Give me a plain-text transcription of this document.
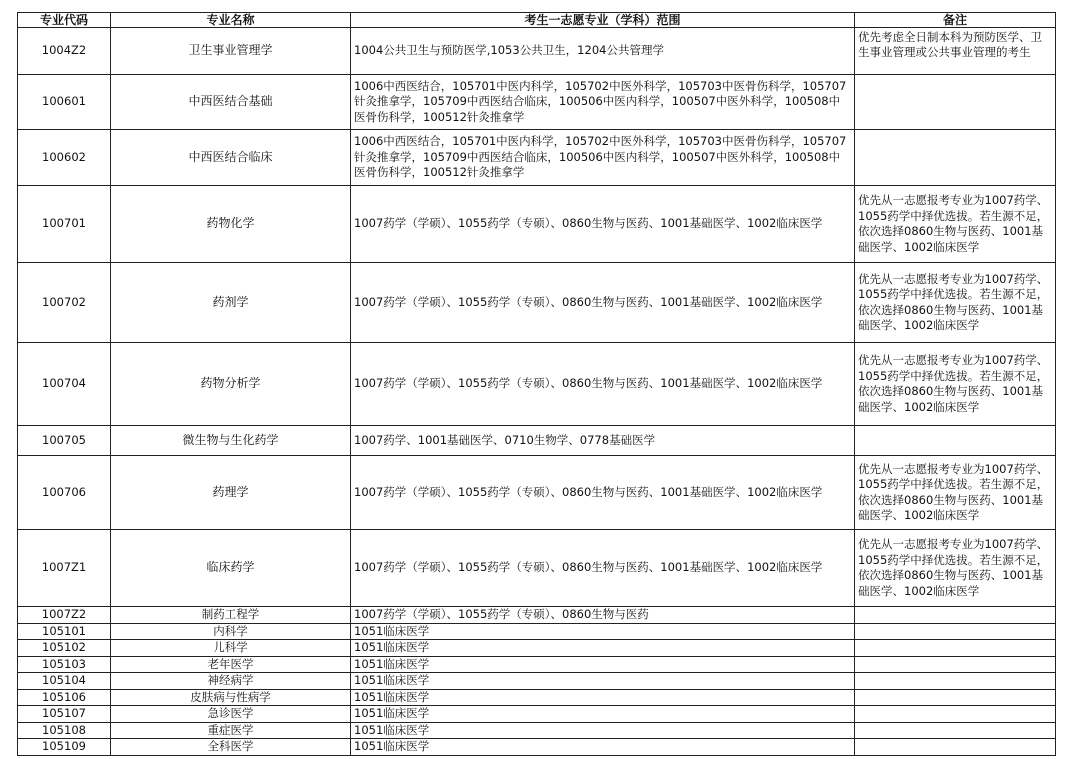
专业代码	专业名称	考生一志愿专业（学科）范围	备注
1004Z2	卫生事业管理学	1004公共卫生与预防医学,1053公共卫生，1204公共管理学	优先考虑全日制本科为预防医学、卫生事业管理或公共事业管理的考生

100601	中西医结合基础	1006中西医结合，105701中医内科学，105702中医外科学，105703中医骨伤科学，105707针灸推拿学，105709中西医结合临床，100506中医内科学，100507中医外科学，100508中医骨伤科学，100512针灸推拿学	
100602	中西医结合临床	1006中西医结合，105701中医内科学，105702中医外科学，105703中医骨伤科学，105707针灸推拿学，105709中西医结合临床，100506中医内科学，100507中医外科学，100508中医骨伤科学，100512针灸推拿学	
100701	药物化学	1007药学（学硕）、1055药学（专硕）、0860生物与医药、1001基础医学、1002临床医学	优先从一志愿报考专业为1007药学、1055药学中择优选拔。若生源不足，依次选择0860生物与医药、1001基础医学、1002临床医学
100702	药剂学	1007药学（学硕）、1055药学（专硕）、0860生物与医药、1001基础医学、1002临床医学	优先从一志愿报考专业为1007药学、1055药学中择优选拔。若生源不足，依次选择0860生物与医药、1001基础医学、1002临床医学
100704	药物分析学	1007药学（学硕）、1055药学（专硕）、0860生物与医药、1001基础医学、1002临床医学	优先从一志愿报考专业为1007药学、1055药学中择优选拔。若生源不足，依次选择0860生物与医药、1001基础医学、1002临床医学
100705	微生物与生化药学	1007药学、1001基础医学、0710生物学、0778基础医学	
100706	药理学	1007药学（学硕）、1055药学（专硕）、0860生物与医药、1001基础医学、1002临床医学	优先从一志愿报考专业为1007药学、1055药学中择优选拔。若生源不足，依次选择0860生物与医药、1001基础医学、1002临床医学
1007Z1	临床药学	1007药学（学硕）、1055药学（专硕）、0860生物与医药、1001基础医学、1002临床医学	优先从一志愿报考专业为1007药学、1055药学中择优选拔。若生源不足，依次选择0860生物与医药、1001基础医学、1002临床医学
1007Z2	制药工程学	1007药学（学硕）、1055药学（专硕）、0860生物与医药	
105101	内科学	1051临床医学	
105102	儿科学	1051临床医学	
105103	老年医学	1051临床医学	
105104	神经病学	1051临床医学	
105106	皮肤病与性病学	1051临床医学	
105107	急诊医学	1051临床医学	
105108	重症医学	1051临床医学	
105109	全科医学	1051临床医学	
